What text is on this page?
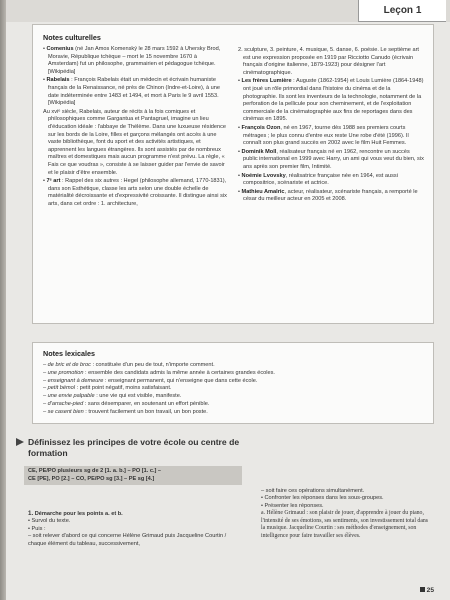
Leçon 1
Notes culturelles
• Comenius (né Jan Amos Komenský le 28 mars 1592 à Uhersky Brod, Moravie, République tchèque – mort le 15 novembre 1670 à Amsterdam) fut un philosophe, grammairien et pédagogue tchèque. [Wikipédia]
• Rabelais : François Rabelais était un médecin et écrivain humaniste français de la Renaissance, né près de Chinon (Indre-et-Loire), à une date indéterminée entre 1483 et 1494, et mort à Paris le 9 avril 1553. [Wikipédia]
Au xviᵉ siècle, Rabelais, auteur de récits à la fois comiques et philosophiques comme Gargantua et Pantagruel, imagine un lieu d'éducation idéale : l'abbaye de Thélème. Dans une luxueuse résidence sur les bords de la Loire, filles et garçons mélangés ont accès à une vaste bibliothèque, font du sport et des activités artistiques, et apprennent les langues étrangères. Ils sont assistés par de nombreux maîtres et domestiques mais aucun programme n'est prévu. La règle, « Fais ce que voudras », consiste à se laisser guider par l'envie de savoir et le plaisir d'être ensemble.
• 7ᵉ art : Rappel des six autres : Hegel (philosophe allemand, 1770-1831), dans son Esthétique, classe les arts selon une double échelle de matérialité décroissante et d'expressivité croissante. Il distingue ainsi six arts, dans cet ordre : 1. architecture,
2. sculpture, 3. peinture, 4. musique, 5. danse, 6. poésie. Le septième art est une expression proposée en 1919 par Ricciotto Canudo (écrivain français d'origine italienne, 1879-1923) pour désigner l'art cinématographique.
• Les frères Lumière : Auguste (1862-1954) et Louis Lumière (1864-1948) ont joué un rôle primordial dans l'histoire du cinéma et de la photographie. Ils sont les inventeurs de la technologie, notamment de la perforation de la pellicule pour son cheminement, et de l'exploitation commerciale de la cinématographie aux fins de reportages dans des cinémas en 1895.
• François Ozon, né en 1967, tourne dès 1988 ses premiers courts métrages ; le plus connu d'entre eux reste Une robe d'été (1996). Il connaît son plus grand succès en 2002 avec le film Huit Femmes.
• Dominik Moll, réalisateur français né en 1962, rencontre un succès public international en 1999 avec Harry, un ami qui vous veut du bien, six ans après son premier film, Intimité.
• Noémie Lvovsky, réalisatrice française née en 1964, est aussi compositrice, scénariste et actrice.
• Mathieu Amalric, acteur, réalisateur, scénariste français, a remporté le césar du meilleur acteur en 2005 et 2008.
Notes lexicales
– de bric et de broc : constituée d'un peu de tout, n'importe comment.
– une promotion : ensemble des candidats admis la même année à certaines grandes écoles.
– enseignant à demeure : enseignant permanent, qui n'enseigne que dans cette école.
– petit bémol : petit point négatif, moins satisfaisant.
– une envie palpable : une vie qui est visible, manifeste.
– d'arrache-pied : sans désemparer, en soutenant un effort pénible.
– se casent bien : trouvent facilement un bon travail, un bon poste.
Définissez les principes de votre école ou centre de formation
CE, PE/PO plusieurs sg de 2 [1. a. b.] – PO [1. c.] –
CE [PE], PO [2.] – CO, PE/PO sg [3.] – PE sg [4.]
1. Démarche pour les points a. et b.
• Survol du texte.
• Puis :
– soit relever d'abord ce qui concerne Hélène Grimaud puis Jacqueline Courtin / chaque élément du tableau, successivement,
– soit faire ces opérations simultanément.
• Confronter les réponses dans les sous-groupes.
• Présenter les réponses.
a. Hélène Grimaud : son plaisir de jouer, d'apprendre à jouer du piano, l'intensité de ses émotions, ses sentiments, son investissement total dans la musique. Jacqueline Courtin : ses méthodes d'enseignement, son intelligence pour faire travailler ses élèves.
25
